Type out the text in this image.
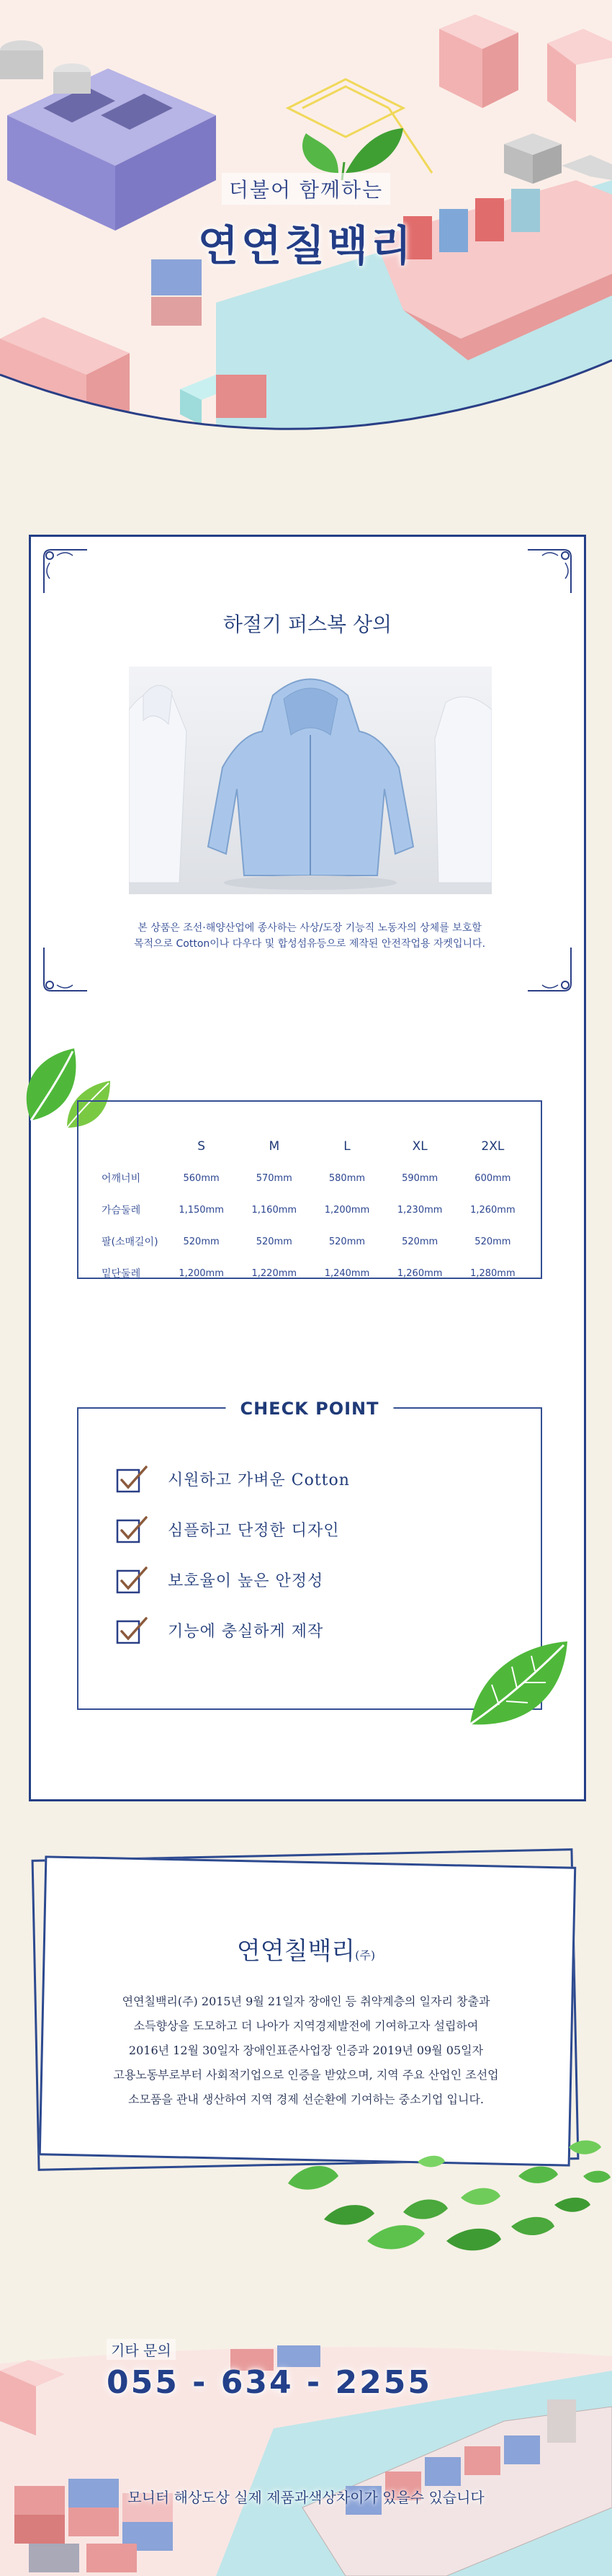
더불어 함께하는
연연칠백리
하절기 퍼스복 상의
본 상품은 조선·해양산업에 종사하는 사상/도장 기능직 노동자의 상체를 보호할
목적으로 Cotton이나 다우다 및 합성섬유등으로 제작된 안전작업용 자켓입니다.
	S	M	L	XL	2XL
어깨너비	560mm	570mm	580mm	590mm	600mm
가슴둘레	1,150mm	1,160mm	1,200mm	1,230mm	1,260mm
팔(소매길이)	520mm	520mm	520mm	520mm	520mm
밑단둘레	1,200mm	1,220mm	1,240mm	1,260mm	1,280mm
CHECK POINT
시원하고 가벼운 Cotton
심플하고 단정한 디자인
보호율이 높은 안정성
기능에 충실하게 제작
연연칠백리(주)
연연칠백리(주) 2015년 9월 21일자 장애인 등 취약계층의 일자리 창출과
소득향상을 도모하고 더 나아가 지역경제발전에 기여하고자 설립하여
2016년 12월 30일자 장애인표준사업장 인증과 2019년 09월 05일자
고용노동부로부터 사회적기업으로 인증을 받았으며, 지역 주요 산업인 조선업
소모품을 관내 생산하여 지역 경제 선순환에 기여하는 중소기업 입니다.
기타 문의
055 - 634 - 2255
모니터 해상도상 실제 제품과색상차이가 있을수 있습니다
